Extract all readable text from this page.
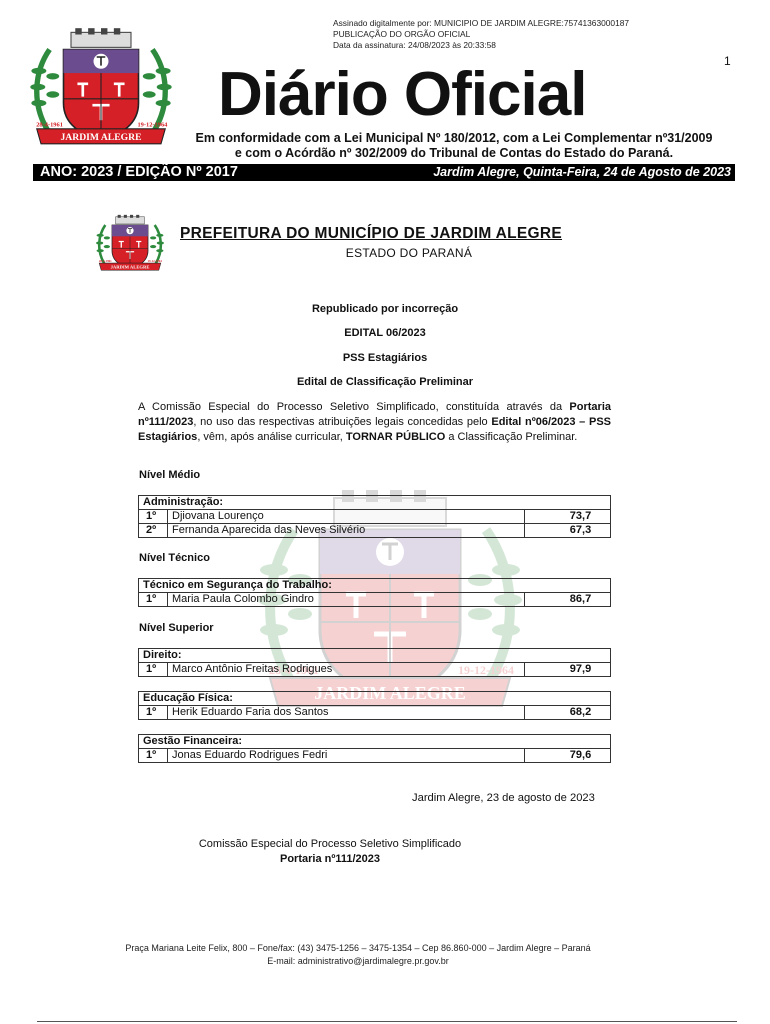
Assinado digitalmente por: MUNICIPIO DE JARDIM ALEGRE:75741363000187
PUBLICAÇÃO DO ORGÃO OFICIAL
Data da assinatura: 24/08/2023 às 20:33:58
1
Diário Oficial
Em conformidade com a Lei Municipal Nº 180/2012, com a Lei Complementar nº31/2009
e com o Acórdão nº 302/2009 do Tribunal de Contas do Estado do Paraná.
ANO: 2023 / EDIÇÃO Nº 2017	Jardim Alegre, Quinta-Feira, 24 de Agosto de 2023
PREFEITURA DO MUNICÍPIO DE JARDIM ALEGRE
ESTADO DO PARANÁ
Republicado por incorreção
EDITAL 06/2023
PSS Estagiários
Edital de Classificação Preliminar
A Comissão Especial do Processo Seletivo Simplificado, constituída através da Portaria nº111/2023, no uso das respectivas atribuições legais concedidas pelo Edital nº06/2023 – PSS Estagiários, vêm, após análise curricular, TORNAR PÚBLICO a Classificação Preliminar.
Nível Médio
Administração:		
1º	Djiovana Lourenço	73,7
2º	Fernanda Aparecida das Neves Silvério	67,3
Nível Técnico
Técnico em Segurança do Trabalho:
1º	Maria Paula Colombo Gindro	86,7
Nível Superior
Direito:
1º	Marco Antônio Freitas Rodrigues	97,9
Educação Física:
1º	Herik Eduardo Faria dos Santos	68,2
Gestão Financeira:
1º	Jonas Eduardo Rodrigues Fedri	79,6
Jardim Alegre, 23 de agosto de 2023
Comissão Especial do Processo Seletivo Simplificado
Portaria nº111/2023
Praça Mariana Leite Felix, 800 – Fone/fax: (43) 3475-1256 – 3475-1354 – Cep 86.860-000 – Jardim Alegre – Paraná
E-mail: administrativo@jardimalegre.pr.gov.br
